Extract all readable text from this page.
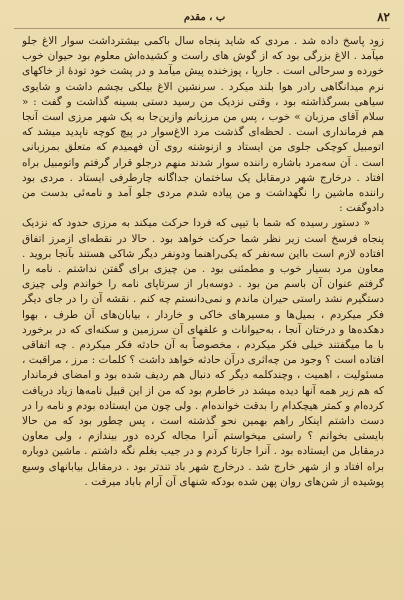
۸۲
ب ، مقدم

زود پاسخ داده شد . مردی که شاید پنجاه سال باکمی بیشترداشت سوار الاغ جلو میآمد . الاغ بزرگی بود که از گوش های راست و کشیده‌اش معلوم بود حیوان خوب خورده و سرحالی است . جارپا ، پوزخنده پیش میآمد و در پشت خود تودهٔ از خاکهای نرم میدانگاهی رادر هوا بلند میکرد . سرنشین الاغ بیلکی بچشم داشت و شایوی سیاهی بسرگذاشته بود ، وقتی نزدیک من رسید دستی بسینه گذاشت و گفت : « سلام آقای مرزبان » خوب ، پس من مرزبانم وازین‌جا به‌ یک شهر مرزی است آنجا هم فرمانداری است . لحظه‌ای گذشت مرد الاغ‌سوار در پیچ کوچه ناپدید میشد که اتومبیل کوچکی جلوی من ایستاد و ازنوشته روی آن فهمیدم که متعلق بمرزبانی است . آن سه‌مرد باشاره راننده سوار شدند منهم درجلو قرار گرفتم واتومبیل براه افتاد . درخارج شهر درمقابل یک ساختمان جداگانه چارطرفی ایستاد . مردی بود راننده ماشین را نگهداشت و من پیاده شدم مردی جلو آمد و نامه‌ئی بدست من دادوگفت :

« دستور رسیده که شما با تیپی که فردا حرکت میکند به مرزی حدود که نزدیک پنجاه فرسخ است زیر نظر شما حرکت خواهد بود . حالا در نقطه‌ای ازمرز اتفاق افتاده لازم است بااین سه‌نفر که یکی‌راهنما ودونفر دیگر شاکی هستند بآنجا بروید . معاون مرد بسیار خوب و مطمئنی بود . من چیزی برای گفتن نداشتم . نامه را گرفتم عنوان آن باسم من بود . دوسه‌بار از سرتاپای نامه را خواندم ولی چیزی دستگیرم نشد راستی حیران ماندم و نمی‌دانستم چه کنم . نقشه آن را در جای دیگر فکر میکردم ، بمیل‌ها و مسیرهای خاکی و خاردار ، بیابان‌های آن طرف ، بهوا دهکده‌ها و درختان آنجا ، به‌حیوانات و علفهای آن سرزمین و سکنه‌ای که در برخورد با ما میگفتند خیلی فکر میکردم ، مخصوصاً به آن حادثه فکر میکردم . چه اتفاقی افتاده است ؟ وجود من چه‌اثری درآن حادثه خواهد داشت ؟ کلمات : مرز ، مراقبت ، مسئولیت ، اهمیت ، وچندکلمه دیگر که دنبال هم ردیف شده بود و امضای فرماندار که هم زیر همه آنها دیده میشد در خاطرم بود که من از این قبیل نامه‌ها زیاد دریافت کرده‌ام و کمتر هیچکدام را بدقت خوانده‌ام . ولی چون من ایستاده بودم و نامه را در دست داشتم اینکار راهم بهمین نحو گذشته است ، پس چطور بود که من حالا بایستی بخوانم ؟ راستی میخواستم آنرا مجاله کرده دور بیندازم ، ولی معاون درمقابل من ایستاده بود . آنرا جارتا کردم و در جیب بغلم نگه داشتم . ماشین دوباره براه افتاد و از شهر خارج شد . درخارج شهر باد تندتر بود . درمقابل بیابانهای وسیع پوشیده از شن‌های روان پهن شده بودکه شنهای آن آرام باباد میرفت .
